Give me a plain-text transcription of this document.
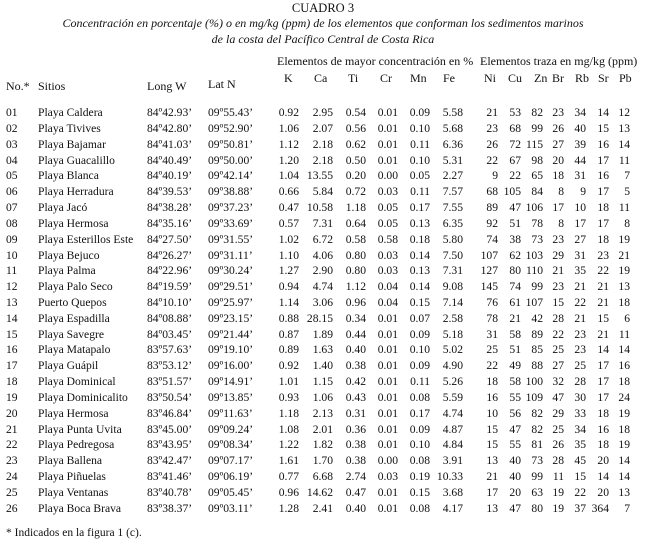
CUADRO 3
Concentración en porcentaje (%) o en mg/kg (ppm) de los elementos que conforman los sedimentos marinos
de la costa del Pacífico Central de Costa Rica
Elementos de mayor concentración en % Elementos traza en mg/kg (ppm)
No.* Sitios	Long W Lat N	K Ca Ti Cr Mn Fe Ni Cu Zn Br Rb Sr Pb
01 Playa Caldera	84º42.93’ 09º55.43’ 0.92 2.95 0.54 0.01 0.09 5.58 21 53 82 23 34 14 12
02 Playa Tivives	84º42.80’ 09º52.90’ 1.06 2.07 0.56 0.01 0.10 5.68 23 68 99 26 40 15 13
03 Playa Bajamar	84º41.03’ 09º50.81’ 1.12 2.18 0.62 0.01 0.11 6.36 26 72 115 27 39 16 14
04 Playa Guacalillo	84º40.49’ 09º50.00’ 1.20 2.18 0.50 0.01 0.10 5.31 22 67 98 20 44 17 11
05 Playa Blanca	84º40.19’ 09º42.14’ 1.04 13.55 0.20 0.00 0.05 2.27	9 22 65 18 31 16 7
06 Playa Herradura	84º39.53’ 09º38.88’ 0.66 5.84 0.72 0.03 0.11 7.57 68 105 84 8 9 17 5
07 Playa Jacó	84º38.28’ 09º37.23’ 0.47 10.58 1.18 0.05 0.17 7.55 89 47 106 17 10 18 11
08 Playa Hermosa	84º35.16’ 09º33.69’ 0.57 7.31 0.64 0.05 0.13 6.35 92 51 78 8 17 17 8
09 Playa Esterillos Este 84º27.50’ 09º31.55’ 1.02 6.72 0.58 0.58 0.18 5.80 74 38 73 23 27 18 19
10 Playa Bejuco	84º26.27’ 09º31.11’ 1.10 4.06 0.80 0.03 0.14 7.50 107 62 103 29 31 23 21
11 Playa Palma	84º22.96’ 09º30.24’ 1.27 2.90 0.80 0.03 0.13 7.31 127 80 110 21 35 22 19
12 Playa Palo Seco	84º19.59’ 09º29.51’ 0.94 4.74 1.12 0.04 0.14 9.08 145 74 99 23 21 21 13
13 Puerto Quepos	84º10.10’ 09º25.97’ 1.14 3.06 0.96 0.04 0.15 7.14 76 61 107 15 22 21 18
14 Playa Espadilla	84º08.88’ 09º23.15’ 0.88 28.15 0.34 0.01 0.07 2.58 78 21 42 28 21 15 6
15 Playa Savegre	84º03.45’ 09º21.44’ 0.87 1.89 0.44 0.01 0.09 5.18 31 58 89 22 23 21 11
16 Playa Matapalo	83º57.63’ 09º19.10’ 0.89 1.63 0.40 0.01 0.10 5.02 25 51 85 25 23 14 14
17 Playa Guápil	83º53.12’ 09º16.00’ 0.92 1.40 0.38 0.01 0.09 4.90 22 49 88 27 25 17 16
18 Playa Dominical	83º51.57’ 09º14.91’ 1.01 1.15 0.42 0.01 0.11 5.26 18 58 100 32 28 17 18
19 Playa Dominicalito 83º50.54’ 09º13.85’ 0.93 1.06 0.43 0.01 0.08 5.59 16 55 109 47 30 17 24
20 Playa Hermosa	83º46.84’ 09º11.63’ 1.18 2.13 0.31 0.01 0.17 4.74 10 56 82 29 33 18 19
21 Playa Punta Uvita 83º45.00’ 09º09.24’ 1.08 2.01 0.36 0.01 0.09 4.87 15 47 82 25 34 16 18
22 Playa Pedregosa	83º43.95’ 09º08.34’ 1.22 1.82 0.38 0.01 0.10 4.84 15 55 81 26 35 18 19
23 Playa Ballena	83º42.47’ 09º07.17’ 1.61 1.70 0.38 0.00 0.08 3.91 13 40 73 28 45 20 14
24 Playa Piñuelas	83º41.46’ 09º06.19’ 0.77 6.68 2.74 0.03 0.19 10.33 21 40 99 11 15 14 14
25 Playa Ventanas	83º40.78’ 09º05.45’ 0.96 14.62 0.47 0.01 0.15 3.68 17 20 63 19 22 20 13
26 Playa Boca Brava 83º38.37’ 09º03.11’ 1.28 2.41 0.40 0.01 0.08 4.17 13 47 80 19 37 364 7
* Indicados en la figura 1 (c).
